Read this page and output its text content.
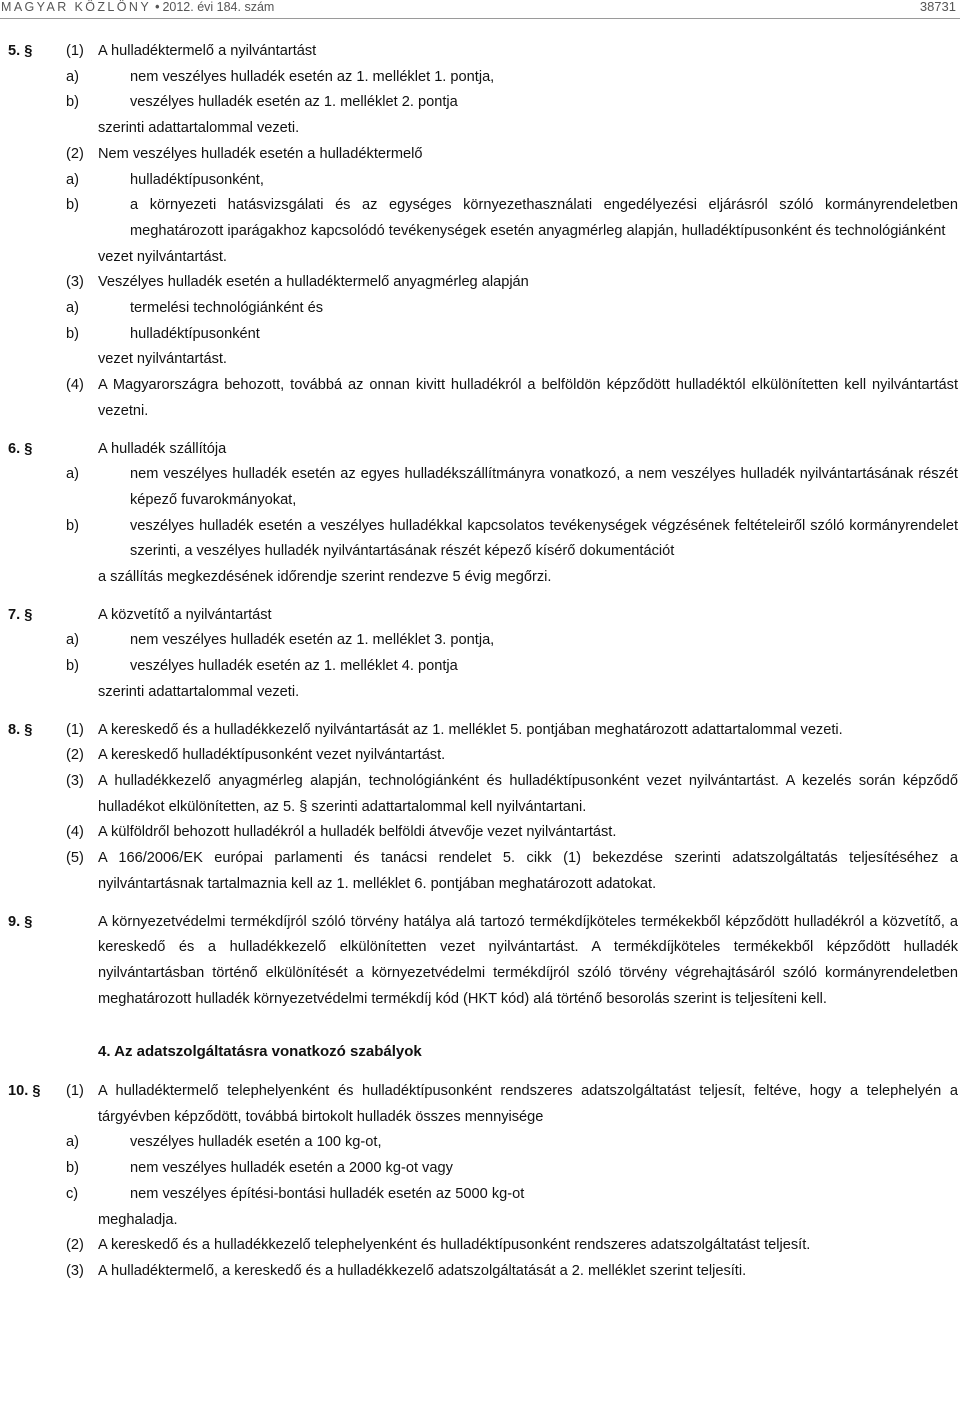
MAGYAR KÖZLÖNY • 2012. évi 184. szám	38731
5. § (1) A hulladéktermelő a nyilvántartást
a)	nem veszélyes hulladék esetén az 1. melléklet 1. pontja,
b)	veszélyes hulladék esetén az 1. melléklet 2. pontja
szerinti adattartalommal vezeti.
(2) Nem veszélyes hulladék esetén a hulladéktermelő
a)	hulladéktípusonként,
b)	a környezeti hatásvizsgálati és az egységes környezethasználati engedélyezési eljárásról szóló kormányrendeletben meghatározott iparágakhoz kapcsolódó tevékenységek esetén anyagmérleg alapján, hulladéktípusonként és technológiánként
vezet nyilvántartást.
(3) Veszélyes hulladék esetén a hulladéktermelő anyagmérleg alapján
a)	termelési technológiánként és
b)	hulladéktípusonként
vezet nyilvántartást.
(4) A Magyarországra behozott, továbbá az onnan kivitt hulladékról a belföldön képződött hulladéktól elkülönítetten kell nyilvántartást vezetni.
6. §	A hulladék szállítója
a)	nem veszélyes hulladék esetén az egyes hulladékszállítmányra vonatkozó, a nem veszélyes hulladék nyilvántartásának részét képező fuvarokmányokat,
b)	veszélyes hulladék esetén a veszélyes hulladékkal kapcsolatos tevékenységek végzésének feltételeiről szóló kormányrendelet szerinti, a veszélyes hulladék nyilvántartásának részét képező kísérő dokumentációt
a szállítás megkezdésének időrendje szerint rendezve 5 évig megőrzi.
7. §	A közvetítő a nyilvántartást
a)	nem veszélyes hulladék esetén az 1. melléklet 3. pontja,
b)	veszélyes hulladék esetén az 1. melléklet 4. pontja
szerinti adattartalommal vezeti.
8. § (1) A kereskedő és a hulladékkezelő nyilvántartását az 1. melléklet 5. pontjában meghatározott adattartalommal vezeti.
(2) A kereskedő hulladéktípusonként vezet nyilvántartást.
(3) A hulladékkezelő anyagmérleg alapján, technológiánként és hulladéktípusonként vezet nyilvántartást. A kezelés során képződő hulladékot elkülönítetten, az 5. § szerinti adattartalommal kell nyilvántartani.
(4) A külföldről behozott hulladékról a hulladék belföldi átvevője vezet nyilvántartást.
(5) A 166/2006/EK európai parlamenti és tanácsi rendelet 5. cikk (1) bekezdése szerinti adatszolgáltatás teljesítéséhez a nyilvántartásnak tartalmaznia kell az 1. melléklet 6. pontjában meghatározott adatokat.
9. §	A környezetvédelmi termékdíjról szóló törvény hatálya alá tartozó termékdíjköteles termékekből képződött hulladékról a közvetítő, a kereskedő és a hulladékkezelő elkülönítetten vezet nyilvántartást. A termékdíjköteles termékekből képződött hulladék nyilvántartásban történő elkülönítését a környezetvédelmi termékdíjról szóló törvény végrehajtásáról szóló kormányrendeletben meghatározott hulladék környezetvédelmi termékdíj kód (HKT kód) alá történő besorolás szerint is teljesíteni kell.
4. Az adatszolgáltatásra vonatkozó szabályok
10. § (1) A hulladéktermelő telephelyenként és hulladéktípusonként rendszeres adatszolgáltatást teljesít, feltéve, hogy a telephelyén a tárgyévben képződött, továbbá birtokolt hulladék összes mennyisége
a)	veszélyes hulladék esetén a 100 kg-ot,
b)	nem veszélyes hulladék esetén a 2000 kg-ot vagy
c)	nem veszélyes építési-bontási hulladék esetén az 5000 kg-ot
meghaladja.
(2) A kereskedő és a hulladékkezelő telephelyenként és hulladéktípusonként rendszeres adatszolgáltatást teljesít.
(3) A hulladéktermelő, a kereskedő és a hulladékkezelő adatszolgáltatását a 2. melléklet szerint teljesíti.
